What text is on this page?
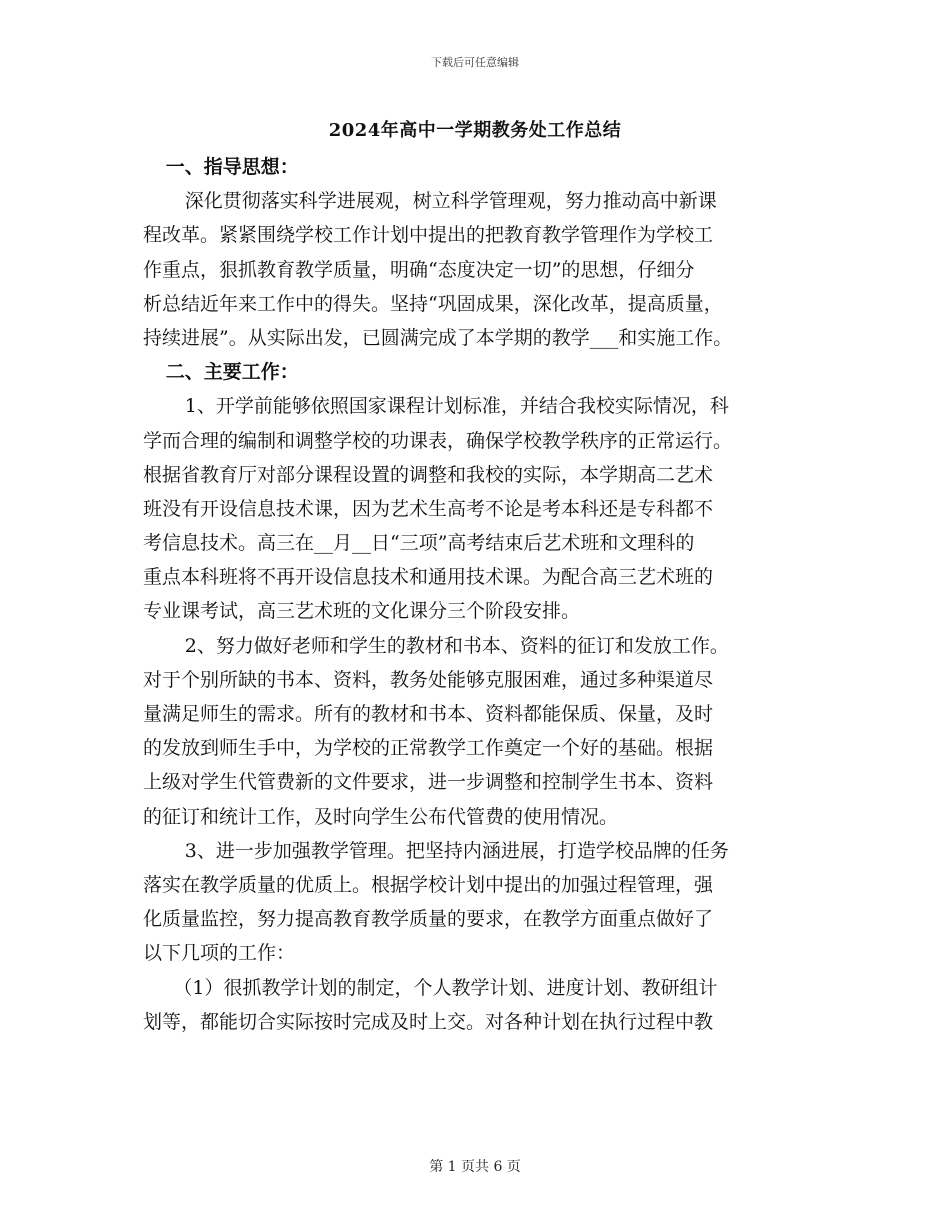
下载后可任意编辑
2024年高中一学期教务处工作总结
一、指导思想：
深化贯彻落实科学进展观，树立科学管理观，努力推动高中新课
程改革。紧紧围绕学校工作计划中提出的把教育教学管理作为学校工
作重点，狠抓教育教学质量，明确“态度决定一切”的思想，仔细分
析总结近年来工作中的得失。坚持“巩固成果，深化改革，提高质量，
持续进展”。从实际出发，已圆满完成了本学期的教学___和实施工作。
二、主要工作：
1、开学前能够依照国家课程计划标准，并结合我校实际情况，科
学而合理的编制和调整学校的功课表，确保学校教学秩序的正常运行。
根据省教育厅对部分课程设置的调整和我校的实际，本学期高二艺术
班没有开设信息技术课，因为艺术生高考不论是考本科还是专科都不
考信息技术。高三在__月__日“三项”高考结束后艺术班和文理科的
重点本科班将不再开设信息技术和通用技术课。为配合高三艺术班的
专业课考试，高三艺术班的文化课分三个阶段安排。
2、努力做好老师和学生的教材和书本、资料的征订和发放工作。
对于个别所缺的书本、资料，教务处能够克服困难，通过多种渠道尽
量满足师生的需求。所有的教材和书本、资料都能保质、保量，及时
的发放到师生手中，为学校的正常教学工作奠定一个好的基础。根据
上级对学生代管费新的文件要求，进一步调整和控制学生书本、资料
的征订和统计工作，及时向学生公布代管费的使用情况。
3、进一步加强教学管理。把坚持内涵进展，打造学校品牌的任务
落实在教学质量的优质上。根据学校计划中提出的加强过程管理，强
化质量监控，努力提高教育教学质量的要求，在教学方面重点做好了
以下几项的工作：
（1）很抓教学计划的制定，个人教学计划、进度计划、教研组计
划等，都能切合实际按时完成及时上交。对各种计划在执行过程中教
第 1 页共 6 页
